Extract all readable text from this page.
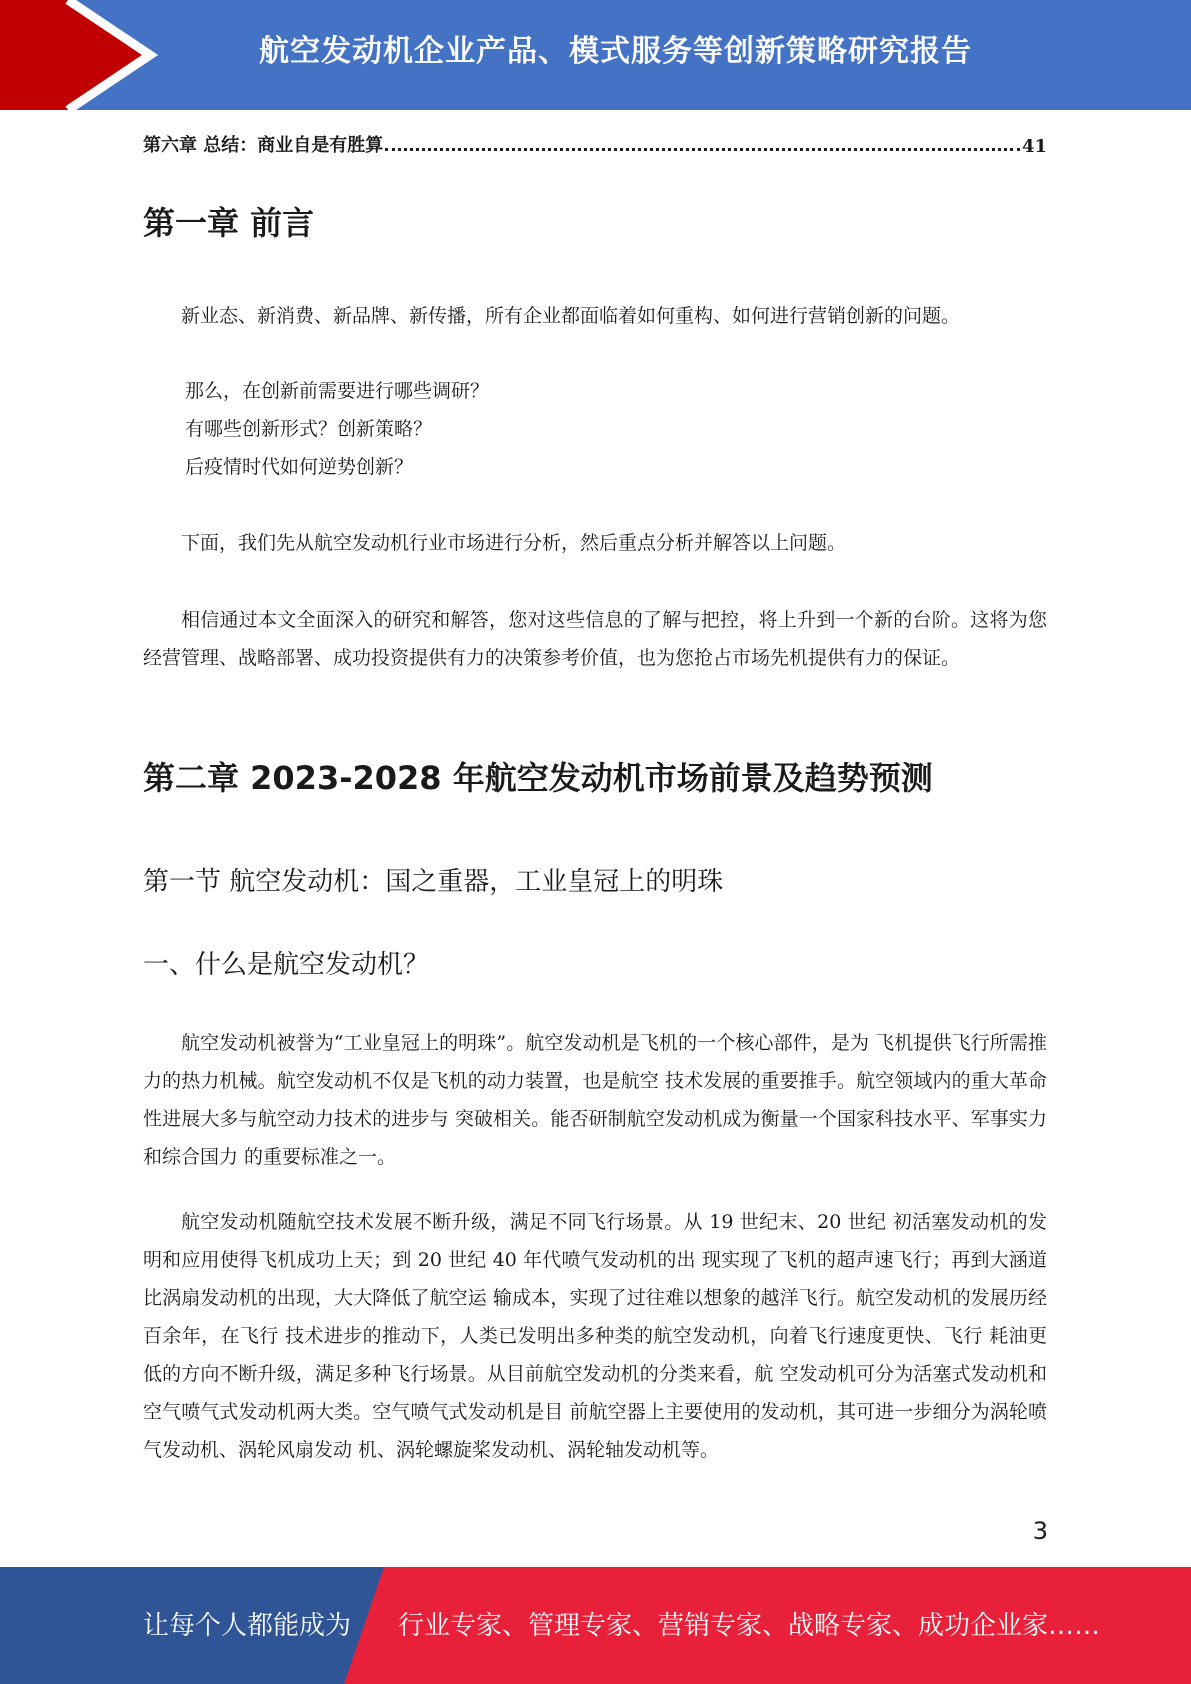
航空发动机企业产品、模式服务等创新策略研究报告
第六章 总结：商业自是有胜算	41
第一章 前言
新业态、新消费、新品牌、新传播，所有企业都面临着如何重构、如何进行营销创新的问题。
那么，在创新前需要进行哪些调研？
有哪些创新形式？创新策略？
后疫情时代如何逆势创新？
下面，我们先从航空发动机行业市场进行分析，然后重点分析并解答以上问题。
相信通过本文全面深入的研究和解答，您对这些信息的了解与把控，将上升到一个新的台阶。这将为您经营管理、战略部署、成功投资提供有力的决策参考价值，也为您抢占市场先机提供有力的保证。
第二章 2023-2028 年航空发动机市场前景及趋势预测
第一节 航空发动机：国之重器，工业皇冠上的明珠
一、什么是航空发动机？
航空发动机被誉为“工业皇冠上的明珠”。航空发动机是飞机的一个核心部件，是为 飞机提供飞行所需推力的热力机械。航空发动机不仅是飞机的动力装置，也是航空 技术发展的重要推手。航空领域内的重大革命性进展大多与航空动力技术的进步与 突破相关。能否研制航空发动机成为衡量一个国家科技水平、军事实力和综合国力 的重要标准之一。
航空发动机随航空技术发展不断升级，满足不同飞行场景。从 19 世纪末、20 世纪 初活塞发动机的发明和应用使得飞机成功上天；到 20 世纪 40 年代喷气发动机的出 现实现了飞机的超声速飞行；再到大涵道比涡扇发动机的出现，大大降低了航空运 输成本，实现了过往难以想象的越洋飞行。航空发动机的发展历经百余年，在飞行 技术进步的推动下，人类已发明出多种类的航空发动机，向着飞行速度更快、飞行 耗油更低的方向不断升级，满足多种飞行场景。从目前航空发动机的分类来看，航 空发动机可分为活塞式发动机和空气喷气式发动机两大类。空气喷气式发动机是目 前航空器上主要使用的发动机，其可进一步细分为涡轮喷气发动机、涡轮风扇发动 机、涡轮螺旋桨发动机、涡轮轴发动机等。
3
让每个人都能成为 行业专家、管理专家、营销专家、战略专家、成功企业家……
